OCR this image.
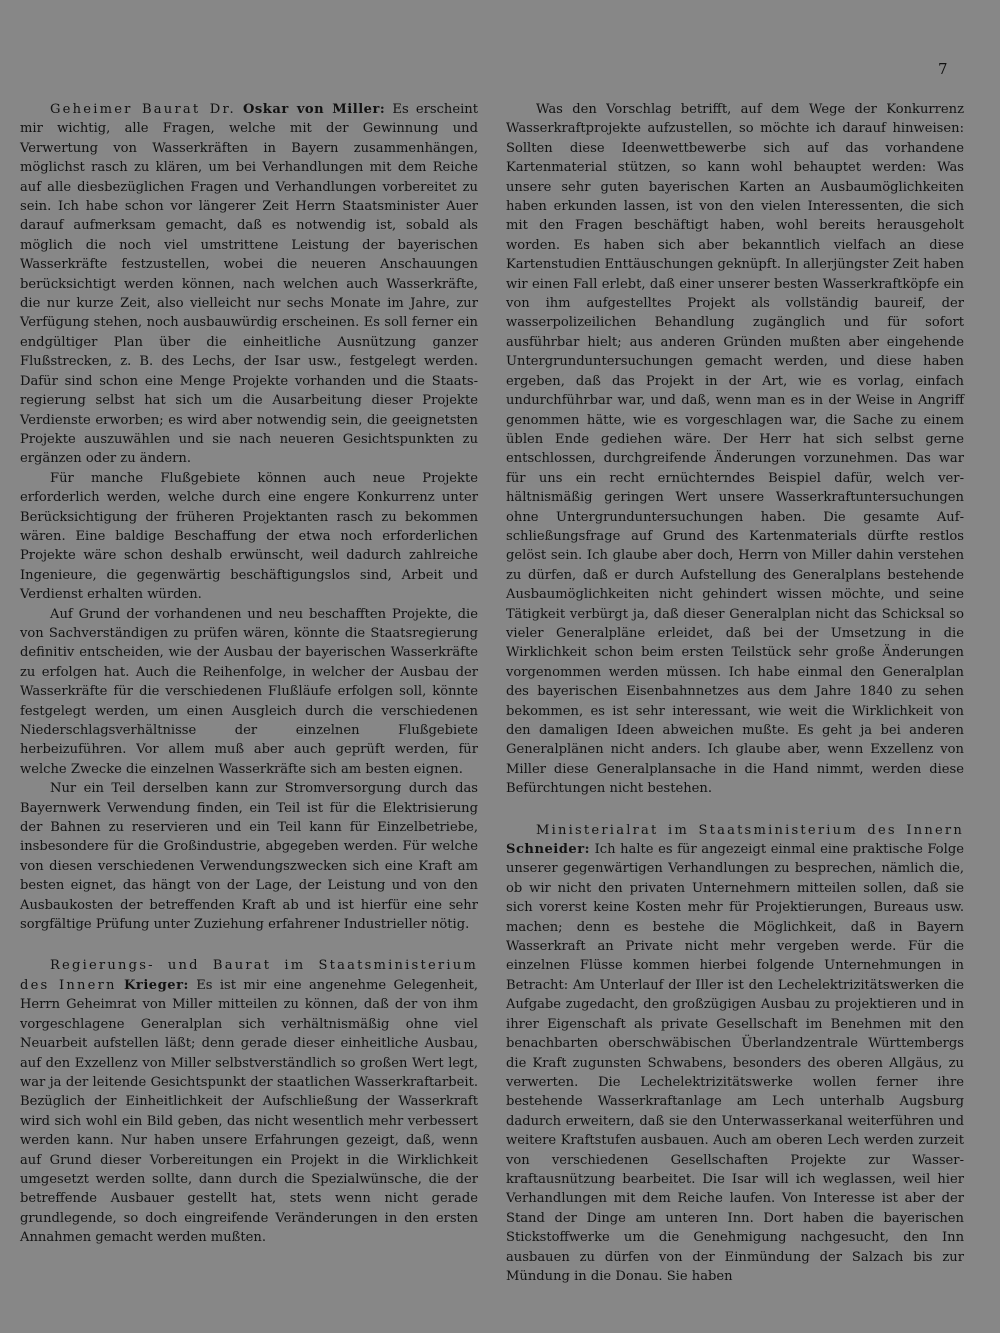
7

Geheimer Baurat Dr. Oskar von Miller: Es erscheint mir wichtig, alle Fragen, welche mit der Gewinnung und Verwertung von Wasserkräften in Bayern zusammenhängen, möglichst rasch zu klären, um bei Verhandlungen mit dem Reiche auf alle diesbezüglichen Fragen und Verhandlungen vorbereitet zu sein. Ich habe schon vor längerer Zeit Herrn Staatsminister Auer darauf aufmerksam gemacht, daß es notwendig ist, sobald als möglich die noch viel umstrittene Leistung der bayerischen Wasserkräfte festzustellen, wobei die neueren Anschauungen berücksichtigt werden können, nach welchen auch Wasserkräfte, die nur kurze Zeit, also vielleicht nur sechs Monate im Jahre, zur Verfügung stehen, noch ausbauwürdig erscheinen. Es soll ferner ein endgültiger Plan über die einheitliche Ausnützung ganzer Flußstrecken, z. B. des Lechs, der Isar usw., festgelegt werden. Dafür sind schon eine Menge Projekte vorhanden und die Staatsregierung selbst hat sich um die Ausarbeitung dieser Projekte Verdienste erworben; es wird aber notwendig sein, die geeignetsten Projekte auszuwählen und sie nach neueren Gesichtspunkten zu ergänzen oder zu ändern.

Für manche Flußgebiete können auch neue Projekte erforderlich werden, welche durch eine engere Konkurrenz unter Berücksichtigung der früheren Projektanten rasch zu bekommen wären. Eine baldige Beschaffung der etwa noch erforderlichen Projekte wäre schon deshalb erwünscht, weil dadurch zahlreiche Ingenieure, die gegenwärtig beschäftigungslos sind, Arbeit und Verdienst erhalten würden.

Auf Grund der vorhandenen und neu beschafften Projekte, die von Sachverständigen zu prüfen wären, könnte die Staatsregierung definitiv entscheiden, wie der Ausbau der bayerischen Wasserkräfte zu erfolgen hat. Auch die Reihenfolge, in welcher der Ausbau der Wasserkräfte für die verschiedenen Flußläufe erfolgen soll, könnte festgelegt werden, um einen Ausgleich durch die verschiedenen Niederschlagsverhältnisse der einzelnen Flußgebiete herbeizuführen. Vor allem muß aber auch geprüft werden, für welche Zwecke die einzelnen Wasserkräfte sich am besten eignen.

Nur ein Teil derselben kann zur Stromversorgung durch das Bayernwerk Verwendung finden, ein Teil ist für die Elektrisierung der Bahnen zu reservieren und ein Teil kann für Einzelbetriebe, insbesondere für die Großindustrie, abgegeben werden. Für welche von diesen verschiedenen Verwendungszwecken sich eine Kraft am besten eignet, das hängt von der Lage, der Leistung und von den Ausbaukosten der betreffenden Kraft ab und ist hierfür eine sehr sorgfältige Prüfung unter Zuziehung erfahrener Industrieller nötig.

Regierungs- und Baurat im Staatsministerium des Innern Krieger: Es ist mir eine angenehme Gelegenheit, Herrn Geheimrat von Miller mitteilen zu können, daß der von ihm vorgeschlagene Generalplan sich verhältnismäßig ohne viel Neuarbeit aufstellen läßt; denn gerade dieser einheitliche Ausbau, auf den Exzellenz von Miller selbstverständlich so großen Wert legt, war ja der leitende Gesichtspunkt der staatlichen Wasserkraftarbeit. Bezüglich der Einheitlichkeit der Aufschließung der Wasserkraft wird sich wohl ein Bild geben, das nicht wesentlich mehr verbessert werden kann. Nur haben unsere Erfahrungen gezeigt, daß, wenn auf Grund dieser Vorbereitungen ein Projekt in die Wirklichkeit umgesetzt werden sollte, dann durch die Spezialwünsche, die der betreffende Ausbauer gestellt hat, stets wenn nicht gerade grundlegende, so doch eingreifende Veränderungen in den ersten Annahmen gemacht werden mußten.

Was den Vorschlag betrifft, auf dem Wege der Konkurrenz Wasserkraftprojekte aufzustellen, so möchte ich darauf hinweisen: Sollten diese Ideenwettbewerbe sich auf das vorhandene Kartenmaterial stützen, so kann wohl behauptet werden: Was unsere sehr guten bayerischen Karten an Ausbaumöglichkeiten haben erkunden lassen, ist von den vielen Interessenten, die sich mit den Fragen beschäftigt haben, wohl bereits herausgeholt worden. Es haben sich aber bekanntlich vielfach an diese Kartenstudien Enttäuschungen geknüpft. In allerjüngster Zeit haben wir einen Fall erlebt, daß einer unserer besten Wasserkraftköpfe ein von ihm aufgestelltes Projekt als vollständig baureif, der wasserpolizeilichen Behandlung zugänglich und für sofort ausführbar hielt; aus anderen Gründen mußten aber eingehende Untergrunduntersuchungen gemacht werden, und diese haben ergeben, daß das Projekt in der Art, wie es vorlag, einfach undurchführbar war, und daß, wenn man es in der Weise in Angriff genommen hätte, wie es vorgeschlagen war, die Sache zu einem üblen Ende gediehen wäre. Der Herr hat sich selbst gerne entschlossen, durchgreifende Änderungen vorzunehmen. Das war für uns ein recht ernüchterndes Beispiel dafür, welch verhältnismäßig geringen Wert unsere Wasserkraftuntersuchungen ohne Untergrunduntersuchungen haben. Die gesamte Aufschließungsfrage auf Grund des Kartenmaterials dürfte restlos gelöst sein. Ich glaube aber doch, Herrn von Miller dahin verstehen zu dürfen, daß er durch Aufstellung des Generalplans bestehende Ausbaumöglichkeiten nicht gehindert wissen möchte, und seine Tätigkeit verbürgt ja, daß dieser Generalplan nicht das Schicksal so vieler Generalpläne erleidet, daß bei der Umsetzung in die Wirklichkeit schon beim ersten Teilstück sehr große Änderungen vorgenommen werden müssen. Ich habe einmal den Generalplan des bayerischen Eisenbahnnetzes aus dem Jahre 1840 zu sehen bekommen, es ist sehr interessant, wie weit die Wirklichkeit von den damaligen Ideen abweichen mußte. Es geht ja bei anderen Generalplänen nicht anders. Ich glaube aber, wenn Exzellenz von Miller diese Generalplansache in die Hand nimmt, werden diese Befürchtungen nicht bestehen.

Ministerialrat im Staatsministerium des Innern Schneider: Ich halte es für angezeigt einmal eine praktische Folge unserer gegenwärtigen Verhandlungen zu besprechen, nämlich die, ob wir nicht den privaten Unternehmern mitteilen sollen, daß sie sich vorerst keine Kosten mehr für Projektierungen, Bureaus usw. machen; denn es bestehe die Möglichkeit, daß in Bayern Wasserkraft an Private nicht mehr vergeben werde. Für die einzelnen Flüsse kommen hierbei folgende Unternehmungen in Betracht: Am Unterlauf der Iller ist den Lechelektrizitätswerken die Aufgabe zugedacht, den großzügigen Ausbau zu projektieren und in ihrer Eigenschaft als private Gesellschaft im Benehmen mit den benachbarten oberschwäbischen Überlandzentrale Württembergs die Kraft zugunsten Schwabens, besonders des oberen Allgäus, zu verwerten. Die Lechelektrizitätswerke wollen ferner ihre bestehende Wasserkraftanlage am Lech unterhalb Augsburg dadurch erweitern, daß sie den Unterwasserkanal weiterführen und weitere Kraftstufen ausbauen. Auch am oberen Lech werden zurzeit von verschiedenen Gesellschaften Projekte zur Wasserkraftausnützung bearbeitet. Die Isar will ich weglassen, weil hier Verhandlungen mit dem Reiche laufen. Von Interesse ist aber der Stand der Dinge am unteren Inn. Dort haben die bayerischen Stickstoffwerke um die Genehmigung nachgesucht, den Inn ausbauen zu dürfen von der Einmündung der Salzach bis zur Mündung in die Donau. Sie haben
